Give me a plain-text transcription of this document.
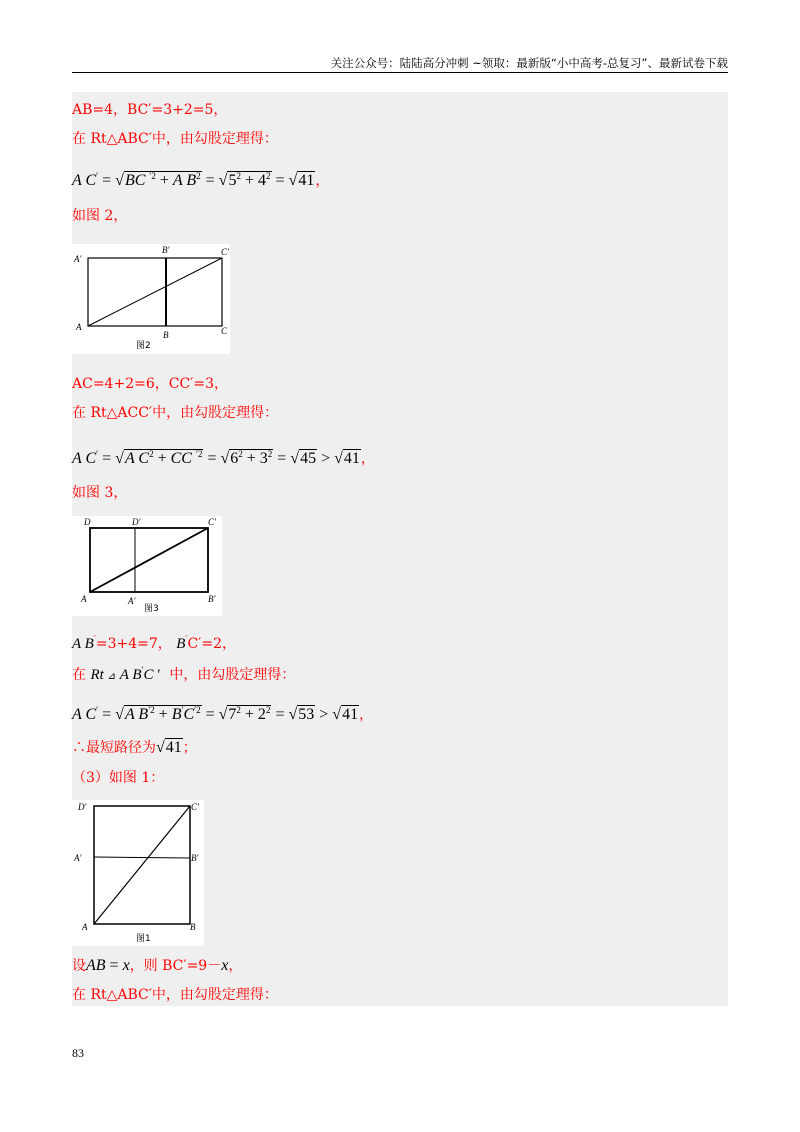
关注公众号：陆陆高分冲刺 ~领取：最新版“小中高考-总复习”、最新试卷下载
AB=4，BC′=3+2=5，
在 Rt△ABC′中，由勾股定理得：
A C′ = √BC $^{'2}$ + A $B^2 = √5^2 + 4^2 = √41$，
如图 2，
A′
B′	C′
A
B	C
图2
AC=4+2=6，CC′=3，
在 Rt△ACC′中，由勾股定理得：
A C′ = √A $C^2$ + CC $^{'2} = √6^2 + 3^2 = √45 > √41$，
如图 3，
D	D′	C′
A	A′	B′
图3
A B′=3+4=7， B′C′=2，
在 Rt ⊿ A B′C ′ 中，由勾股定理得：
A C′ = √A $B^{'2} + B'C^{'2} = √7^2 + 2^2 = √53 > √41$，
∴最短路径为√41；
（3）如图 1：
D′	C′
A′	B′
A	B
图1
设AB = x，则 BC′=9－x，
在 Rt△ABC′中，由勾股定理得：
83
